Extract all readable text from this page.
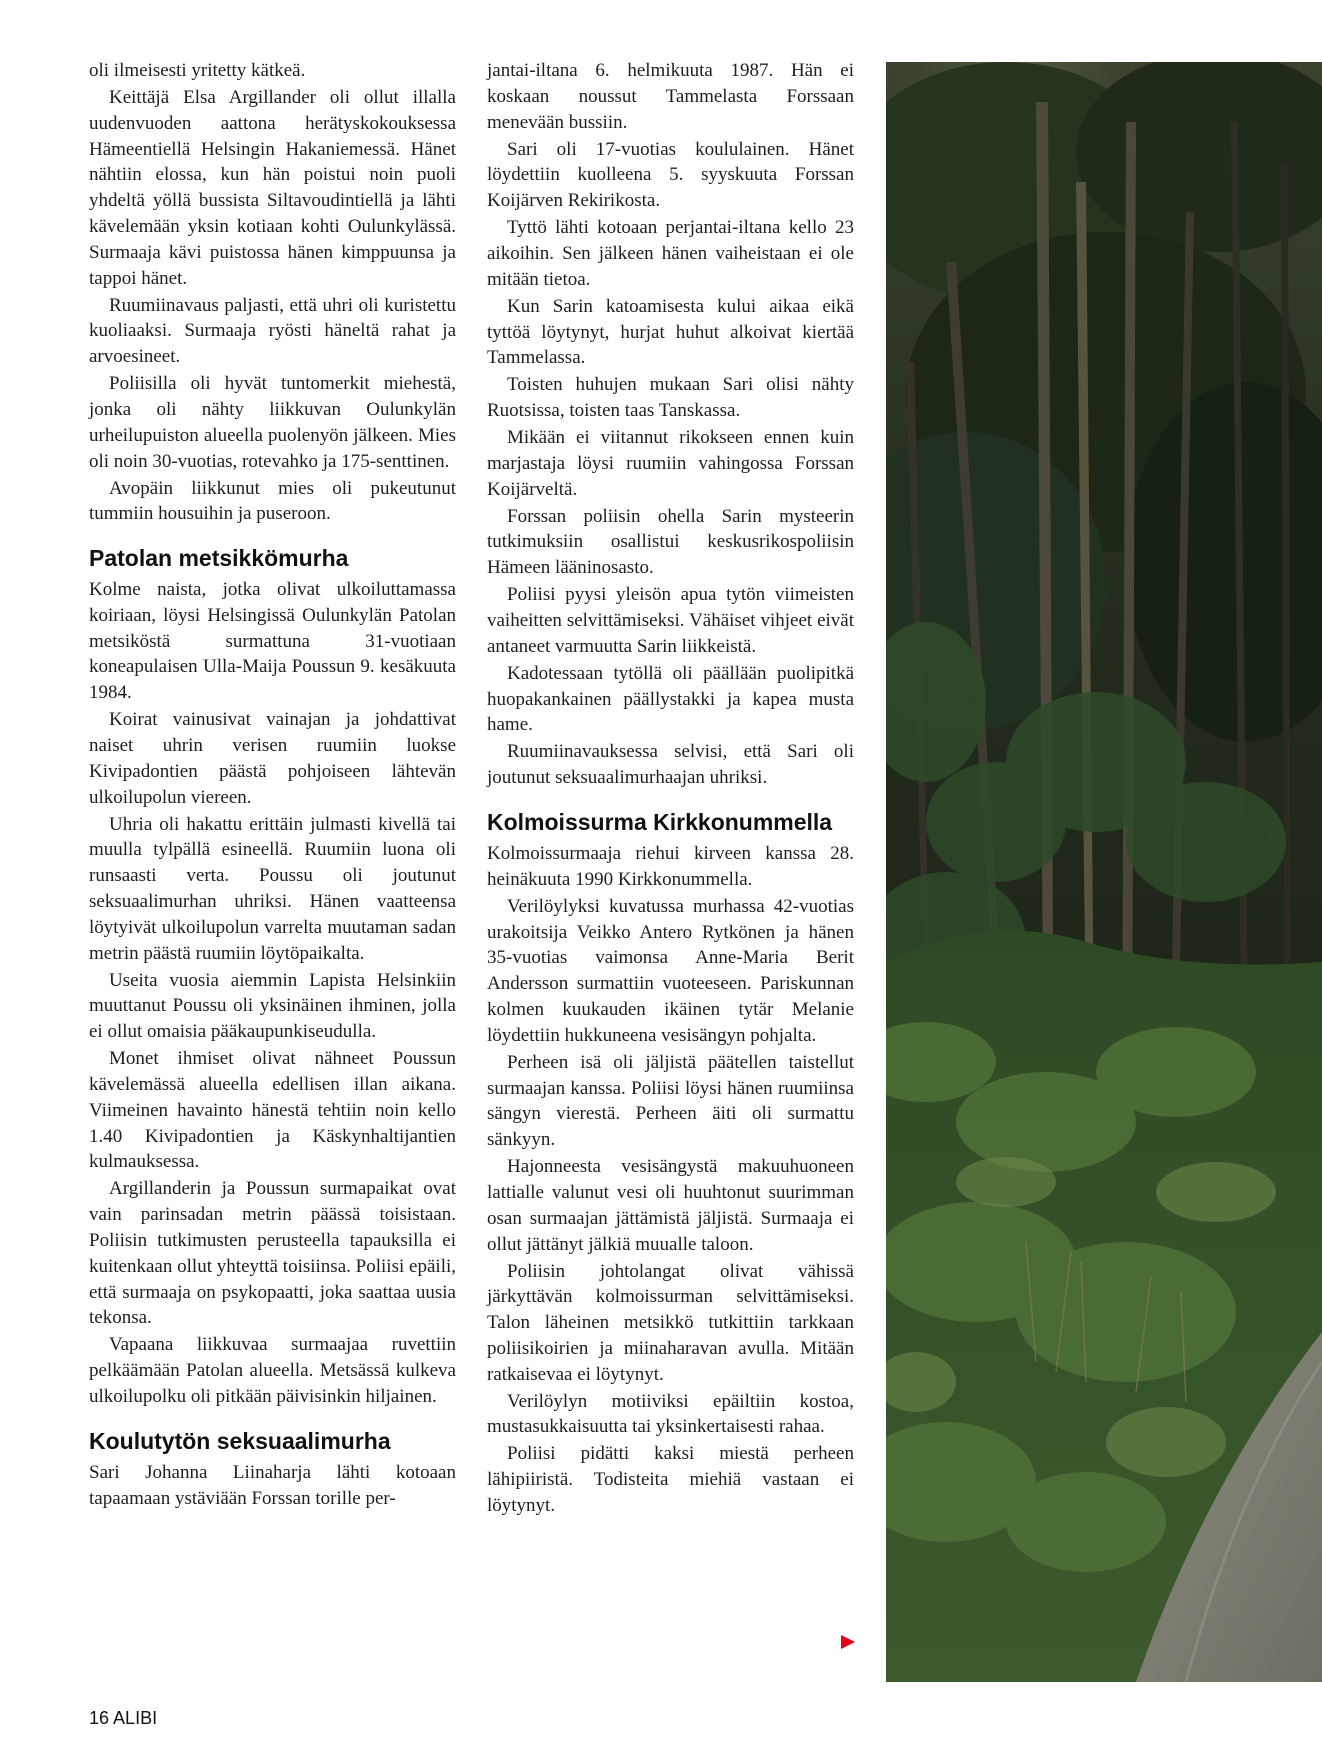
oli ilmeisesti yritetty kätkeä.

Keittäjä Elsa Argillander oli ollut illalla uudenvuoden aattona herätyskokouksessa Hämeentiellä Helsingin Hakaniemessä. Hänet nähtiin elossa, kun hän poistui noin puoli yhdeltä yöllä bussista Siltavoudintiellä ja lähti kävelemään yksin kotiaan kohti Oulunkylässä. Surmaaja kävi puistossa hänen kimppuunsa ja tappoi hänet.

Ruumiinavaus paljasti, että uhri oli kuristettu kuoliaaksi. Surmaaja ryösti häneltä rahat ja arvoesineet.

Poliisilla oli hyvät tuntomerkit miehestä, jonka oli nähty liikkuvan Oulunkylän urheilupuiston alueella puolenyön jälkeen. Mies oli noin 30-vuotias, rotevahko ja 175-senttinen.

Avopäin liikkunut mies oli pukeutunut tummiin housuihin ja puseroon.

Patolan metsikkömurha

Kolme naista, jotka olivat ulkoiluttamassa koiriaan, löysi Helsingissä Oulunkylän Patolan metsiköstä surmattuna 31-vuotiaan koneapulaisen Ulla-Maija Poussun 9. kesäkuuta 1984.

Koirat vainusivat vainajan ja johdattivat naiset uhrin verisen ruumiin luokse Kivipadontien päästä pohjoiseen lähtevän ulkoilupolun viereen.

Uhria oli hakattu erittäin julmasti kivellä tai muulla tylpällä esineellä. Ruumiin luona oli runsaasti verta. Poussu oli joutunut seksuaalimurhan uhriksi. Hänen vaatteensa löytyivät ulkoilupolun varrelta muutaman sadan metrin päästä ruumiin löytöpaikalta.

Useita vuosia aiemmin Lapista Helsinkiin muuttanut Poussu oli yksinäinen ihminen, jolla ei ollut omaisia pääkaupunkiseudulla.

Monet ihmiset olivat nähneet Poussun kävelemässä alueella edellisen illan aikana. Viimeinen havainto hänestä tehtiin noin kello 1.40 Kivipadontien ja Käskynhaltijantien kulmauksessa.

Argillanderin ja Poussun surmapaikat ovat vain parinsadan metrin päässä toisistaan. Poliisin tutkimusten perusteella tapauksilla ei kuitenkaan ollut yhteyttä toisiinsa. Poliisi epäili, että surmaaja on psykopaatti, joka saattaa uusia tekonsa.

Vapaana liikkuvaa surmaajaa ruvettiin pelkäämään Patolan alueella. Metsässä kulkeva ulkoilupolku oli pitkään päivisinkin hiljainen.

Koulutytön seksuaalimurha

Sari Johanna Liinaharja lähti kotoaan tapaamaan ystäviään Forssan torille per-

jantai-iltana 6. helmikuuta 1987. Hän ei koskaan noussut Tammelasta Forssaan menevään bussiin.

Sari oli 17-vuotias koululainen. Hänet löydettiin kuolleena 5. syyskuuta Forssan Koijärven Rekirikosta.

Tyttö lähti kotoaan perjantai-iltana kello 23 aikoihin. Sen jälkeen hänen vaiheistaan ei ole mitään tietoa.

Kun Sarin katoamisesta kului aikaa eikä tyttöä löytynyt, hurjat huhut alkoivat kiertää Tammelassa.

Toisten huhujen mukaan Sari olisi nähty Ruotsissa, toisten taas Tanskassa.

Mikään ei viitannut rikokseen ennen kuin marjastaja löysi ruumiin vahingossa Forssan Koijärveltä.

Forssan poliisin ohella Sarin mysteerin tutkimuksiin osallistui keskusrikospoliisin Hämeen lääninosasto.

Poliisi pyysi yleisön apua tytön viimeisten vaiheitten selvittämiseksi. Vähäiset vihjeet eivät antaneet varmuutta Sarin liikkeistä.

Kadotessaan tytöllä oli päällään puolipitkä huopakankainen päällystakki ja kapea musta hame.

Ruumiinavauksessa selvisi, että Sari oli joutunut seksuaalimurhaajan uhriksi.

Kolmoissurma Kirkkonummella

Kolmoissurmaaja riehui kirveen kanssa 28. heinäkuuta 1990 Kirkkonummella.

Verilöylyksi kuvatussa murhassa 42-vuotias urakoitsija Veikko Antero Rytkönen ja hänen 35-vuotias vaimonsa Anne-Maria Berit Andersson surmattiin vuoteeseen. Pariskunnan kolmen kuukauden ikäinen tytär Melanie löydettiin hukkuneena vesisängyn pohjalta.

Perheen isä oli jäljistä päätellen taistellut surmaajan kanssa. Poliisi löysi hänen ruumiinsa sängyn vierestä. Perheen äiti oli surmattu sänkyyn.

Hajonneesta vesisängystä makuuhuoneen lattialle valunut vesi oli huuhtonut suurimman osan surmaajan jättämistä jäljistä. Surmaaja ei ollut jättänyt jälkiä muualle taloon.

Poliisin johtolangat olivat vähissä järkyttävän kolmoissurman selvittämiseksi. Talon läheinen metsikkö tutkittiin tarkkaan poliisikoirien ja miinaharavan avulla. Mitään ratkaisevaa ei löytynyt.

Verilöylyn motiiviksi epäiltiin kostoa, mustasukkaisuutta tai yksinkertaisesti rahaa.

Poliisi pidätti kaksi miestä perheen lähipiiristä. Todisteita miehiä vastaan ei löytynyt.

16 ALIBI
